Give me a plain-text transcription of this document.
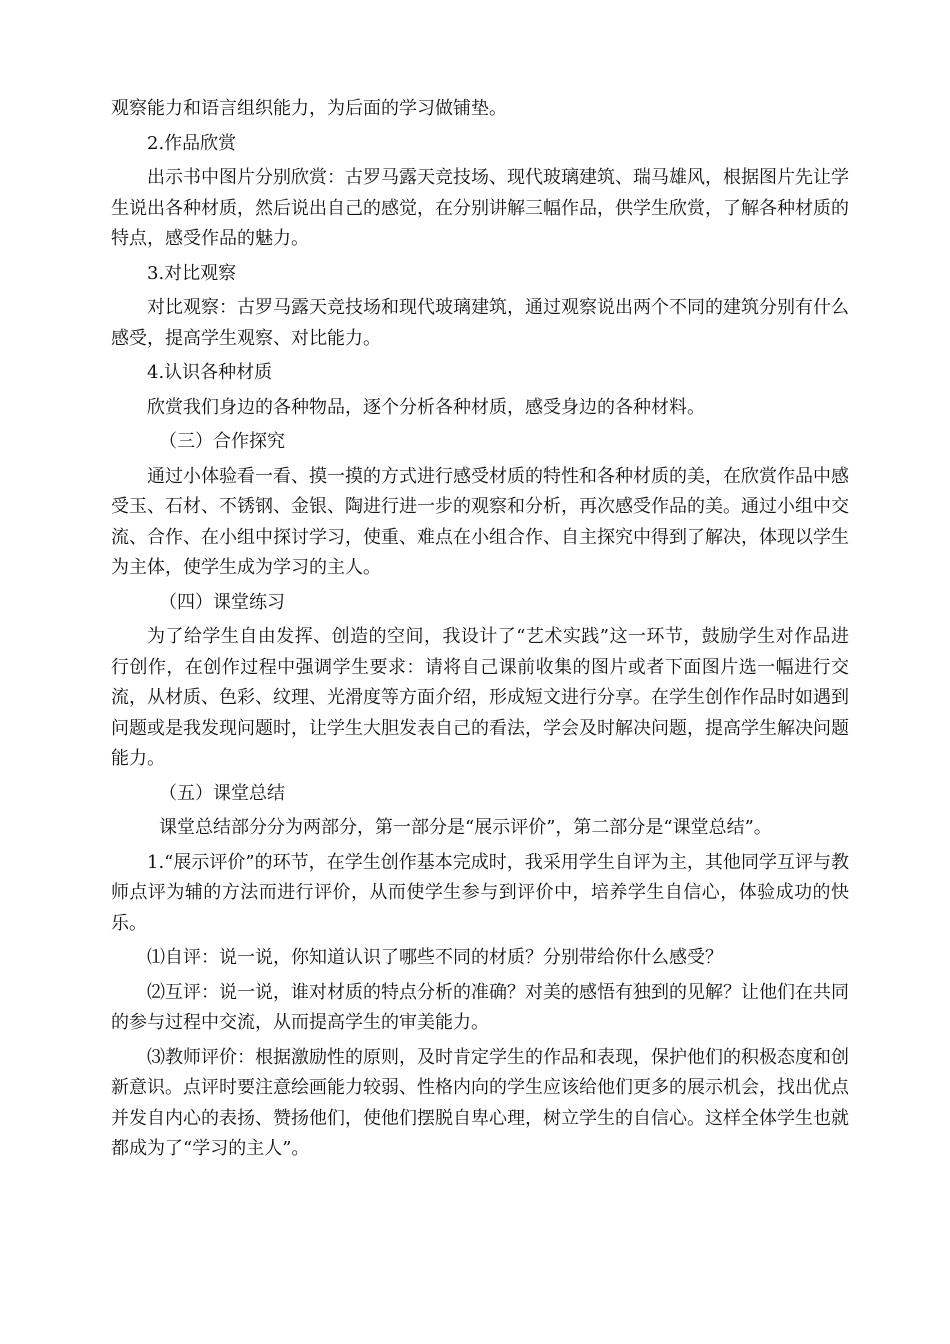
观察能力和语言组织能力，为后面的学习做铺垫。

2.作品欣赏

出示书中图片分别欣赏：古罗马露天竞技场、现代玻璃建筑、瑞马雄风，根据图片先让学生说出各种材质，然后说出自己的感觉，在分别讲解三幅作品，供学生欣赏，了解各种材质的特点，感受作品的魅力。

3.对比观察

对比观察：古罗马露天竞技场和现代玻璃建筑，通过观察说出两个不同的建筑分别有什么感受，提高学生观察、对比能力。

4.认识各种材质

欣赏我们身边的各种物品，逐个分析各种材质，感受身边的各种材料。

（三）合作探究

通过小体验看一看、摸一摸的方式进行感受材质的特性和各种材质的美，在欣赏作品中感受玉、石材、不锈钢、金银、陶进行进一步的观察和分析，再次感受作品的美。通过小组中交流、合作、在小组中探讨学习，使重、难点在小组合作、自主探究中得到了解决，体现以学生为主体，使学生成为学习的主人。

（四）课堂练习

为了给学生自由发挥、创造的空间，我设计了“艺术实践”这一环节，鼓励学生对作品进行创作，在创作过程中强调学生要求：请将自己课前收集的图片或者下面图片选一幅进行交流，从材质、色彩、纹理、光滑度等方面介绍，形成短文进行分享。在学生创作作品时如遇到问题或是我发现问题时，让学生大胆发表自己的看法，学会及时解决问题，提高学生解决问题能力。

（五）课堂总结

课堂总结部分分为两部分，第一部分是“展示评价”，第二部分是“课堂总结”。

1.“展示评价”的环节，在学生创作基本完成时，我采用学生自评为主，其他同学互评与教师点评为辅的方法而进行评价，从而使学生参与到评价中，培养学生自信心，体验成功的快乐。

⑴自评：说一说，你知道认识了哪些不同的材质？分别带给你什么感受？

⑵互评：说一说，谁对材质的特点分析的准确？对美的感悟有独到的见解？让他们在共同的参与过程中交流，从而提高学生的审美能力。

⑶教师评价：根据激励性的原则，及时肯定学生的作品和表现，保护他们的积极态度和创新意识。点评时要注意绘画能力较弱、性格内向的学生应该给他们更多的展示机会，找出优点并发自内心的表扬、赞扬他们，使他们摆脱自卑心理，树立学生的自信心。这样全体学生也就都成为了“学习的主人”。
